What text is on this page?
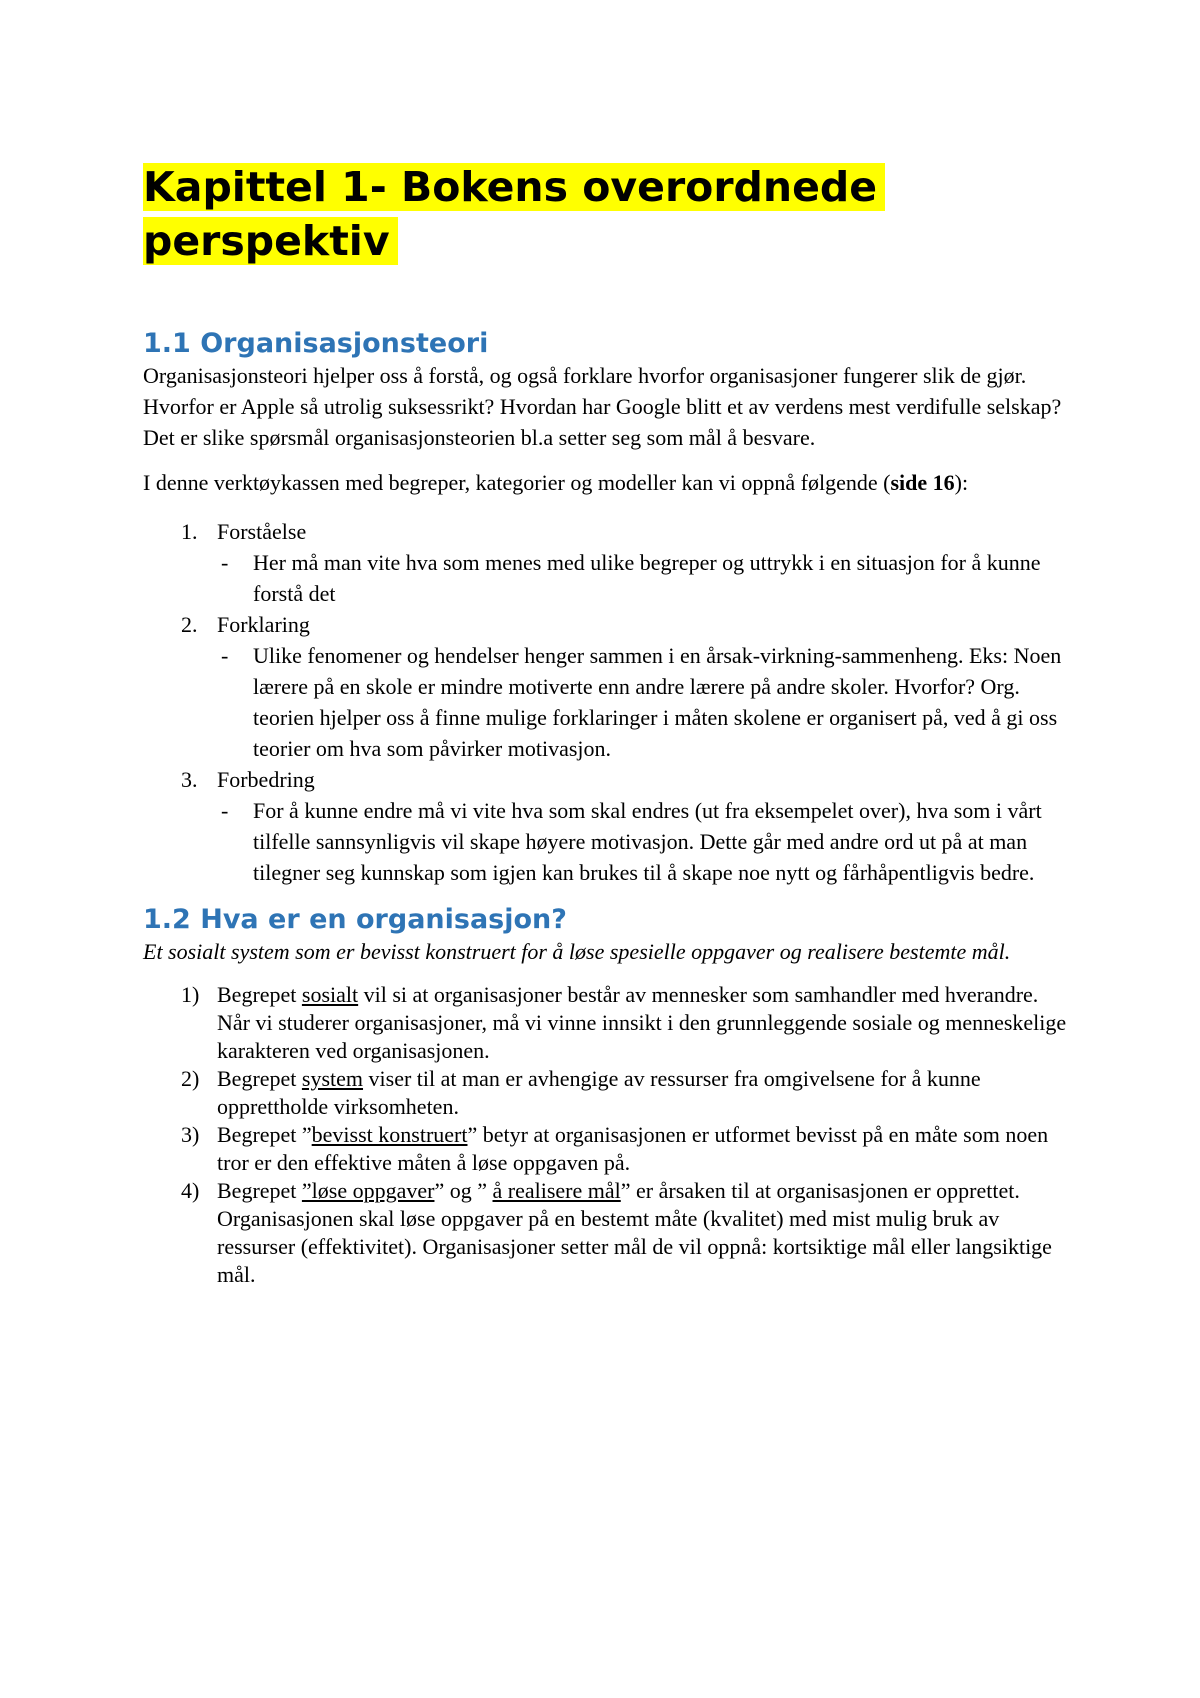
Kapittel 1- Bokens overordnede
perspektiv
1.1 Organisasjonsteori

Organisasjonsteori hjelper oss å forstå, og også forklare hvorfor organisasjoner fungerer slik de gjør. Hvorfor er Apple så utrolig suksessrikt? Hvordan har Google blitt et av verdens mest verdifulle selskap? Det er slike spørsmål organisasjonsteorien bl.a setter seg som mål å besvare.

I denne verktøykassen med begreper, kategorier og modeller kan vi oppnå følgende (side 16):

1. Forståelse
- Her må man vite hva som menes med ulike begreper og uttrykk i en situasjon for å kunne forstå det
2. Forklaring
- Ulike fenomener og hendelser henger sammen i en årsak-virkning-sammenheng. Eks: Noen lærere på en skole er mindre motiverte enn andre lærere på andre skoler. Hvorfor? Org. teorien hjelper oss å finne mulige forklaringer i måten skolene er organisert på, ved å gi oss teorier om hva som påvirker motivasjon.
3. Forbedring
- For å kunne endre må vi vite hva som skal endres (ut fra eksempelet over), hva som i vårt tilfelle sannsynligvis vil skape høyere motivasjon. Dette går med andre ord ut på at man tilegner seg kunnskap som igjen kan brukes til å skape noe nytt og fårhåpentligvis bedre.
1.2 Hva er en organisasjon?

Et sosialt system som er bevisst konstruert for å løse spesielle oppgaver og realisere bestemte mål.

1) Begrepet sosialt vil si at organisasjoner består av mennesker som samhandler med hverandre. Når vi studerer organisasjoner, må vi vinne innsikt i den grunnleggende sosiale og menneskelige karakteren ved organisasjonen.
2) Begrepet system viser til at man er avhengige av ressurser fra omgivelsene for å kunne opprettholde virksomheten.
3) Begrepet ”bevisst konstruert” betyr at organisasjonen er utformet bevisst på en måte som noen tror er den effektive måten å løse oppgaven på.
4) Begrepet ”løse oppgaver” og ” å realisere mål” er årsaken til at organisasjonen er opprettet. Organisasjonen skal løse oppgaver på en bestemt måte (kvalitet) med mist mulig bruk av ressurser (effektivitet). Organisasjoner setter mål de vil oppnå: kortsiktige mål eller langsiktige mål.
